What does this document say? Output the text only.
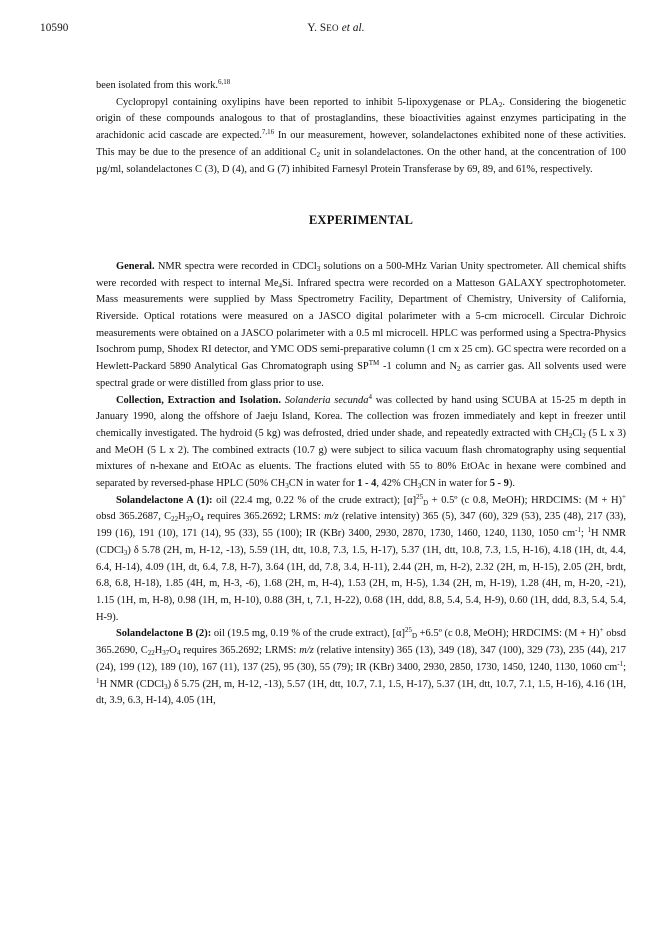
10590	Y. SEO et al.

been isolated from this work.$^{6,18}$

Cyclopropyl containing oxylipins have been reported to inhibit 5-lipoxygenase or $PLA_2$. Considering the biogenetic origin of these compounds analogous to that of prostaglandins, these bioactivities against enzymes participating in the arachidonic acid cascade are expected.$^{7,16}$ In our measurement, however, solandelactones exhibited none of these activities. This may be due to the presence of an additional $C_2$ unit in solandelactones. On the other hand, at the concentration of 100 µg/ml, solandelactones C (3), D (4), and G (7) inhibited Farnesyl Protein Transferase by 69, 89, and 61%, respectively.

EXPERIMENTAL

General. NMR spectra were recorded in CDCl$_3$ solutions on a 500-MHz Varian Unity spectrometer. All chemical shifts were recorded with respect to internal $Me_4Si$. Infrared spectra were recorded on a Matteson GALAXY spectrophotometer. Mass measurements were supplied by Mass Spectrometry Facility, Department of Chemistry, University of California, Riverside. Optical rotations were measured on a JASCO digital polarimeter with a 5-cm microcell. Circular Dichroic measurements were obtained on a JASCO polarimeter with a 0.5 ml microcell. HPLC was performed using a Spectra-Physics Isochrom pump, Shodex RI detector, and YMC ODS semi-preparative column (1 cm x 25 cm). GC spectra were recorded on a Hewlett-Packard 5890 Analytical Gas Chromatograph using SP™ -1 column and $N_2$ as carrier gas. All solvents used were spectral grade or were distilled from glass prior to use.

Collection, Extraction and Isolation. Solanderia secunda$^4$ was collected by hand using SCUBA at 15-25 m depth in January 1990, along the offshore of Jaeju Island, Korea. The collection was frozen immediately and kept in freezer until chemically investigated. The hydroid (5 kg) was defrosted, dried under shade, and repeatedly extracted with $CH_2Cl_2$ (5 L x 3) and MeOH (5 L x 2). The combined extracts (10.7 g) were subject to silica vacuum flash chromatography using sequential mixtures of n-hexane and EtOAc as eluents. The fractions eluted with 55 to 80% EtOAc in hexane were combined and separated by reversed-phase HPLC (50% $CH_3CN$ in water for 1 - 4, 42% $CH_3CN$ in water for 5 - 9).

Solandelactone A (1): oil (22.4 mg, 0.22 % of the crude extract); $[\alpha]^{25}_D$ + 0.5º (c 0.8, MeOH); HRDCIMS: (M + H)+ obsd 365.2687, $C_{22}H_{37}O_4$ requires 365.2692; LRMS: m/z (relative intensity) 365 (5), 347 (60), 329 (53), 235 (48), 217 (33), 199 (16), 191 (10), 171 (14), 95 (33), 55 (100); IR (KBr) 3400, 2930, 2870, 1730, 1460, 1240, 1130, 1050 $cm^{-1}$; $^1$H NMR (CDCl$_3$) δ 5.78 (2H, m, H-12, -13), 5.59 (1H, dtt, 10.8, 7.3, 1.5, H-17), 5.37 (1H, dtt, 10.8, 7.3, 1.5, H-16), 4.18 (1H, dt, 4.4, 6.4, H-14), 4.09 (1H, dt, 6.4, 7.8, H-7), 3.64 (1H, dd, 7.8, 3.4, H-11), 2.44 (2H, m, H-2), 2.32 (2H, m, H-15), 2.05 (2H, brdt, 6.8, 6.8, H-18), 1.85 (4H, m, H-3, -6), 1.68 (2H, m, H-4), 1.53 (2H, m, H-5), 1.34 (2H, m, H-19), 1.28 (4H, m, H-20, -21), 1.15 (1H, m, H-8), 0.98 (1H, m, H-10), 0.88 (3H, t, 7.1, H-22), 0.68 (1H, ddd, 8.8, 5.4, 5.4, H-9), 0.60 (1H, ddd, 8.3, 5.4, 5.4, H-9).

Solandelactone B (2): oil (19.5 mg, 0.19 % of the crude extract), $[\alpha]^{25}_D$ +6.5º (c 0.8, MeOH); HRDCIMS: (M + H)+ obsd 365.2690, $C_{22}H_{37}O_4$ requires 365.2692; LRMS: m/z (relative intensity) 365 (13), 349 (18), 347 (100), 329 (73), 235 (44), 217 (24), 199 (12), 189 (10), 167 (11), 137 (25), 95 (30), 55 (79); IR (KBr) 3400, 2930, 2850, 1730, 1450, 1240, 1130, 1060 $cm^{-1}$; $^1$H NMR (CDCl$_3$) δ 5.75 (2H, m, H-12, -13), 5.57 (1H, dtt, 10.7, 7.1, 1.5, H-17), 5.37 (1H, dtt, 10.7, 7.1, 1.5, H-16), 4.16 (1H, dt, 3.9, 6.3, H-14), 4.05 (1H,
